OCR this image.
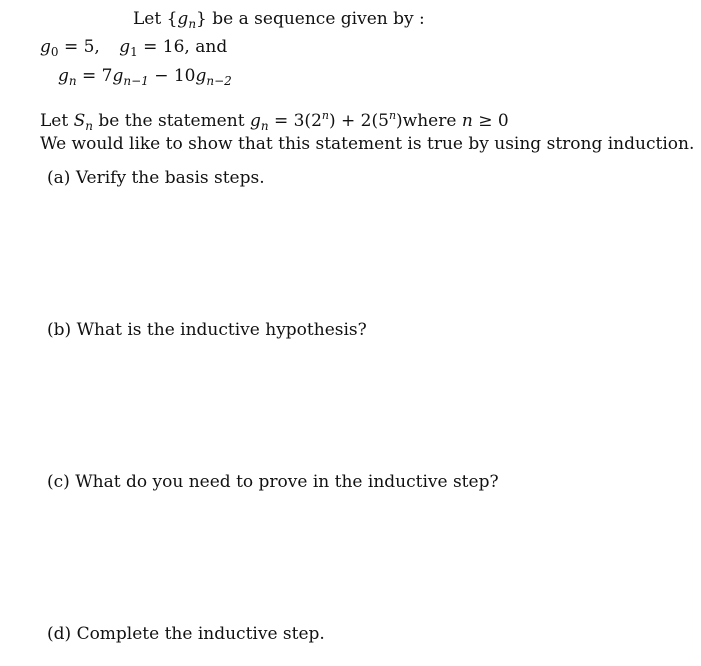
Let $\{g_n\}$ be a sequence given by :
$g_0 = 5$, $g_1 = 16$, and
$g_n = 7g_{n-1} - 10g_{n-2}$
Let $S_n$ be the statement $g_n = 3(2^n)$ + $2(5^n)where$ n ≥ 0
We would like to show that this statement is true by using strong induction.
(a) Verify the basis steps.
(b) What is the inductive hypothesis?
(c) What do you need to prove in the inductive step?
(d) Complete the inductive step.
